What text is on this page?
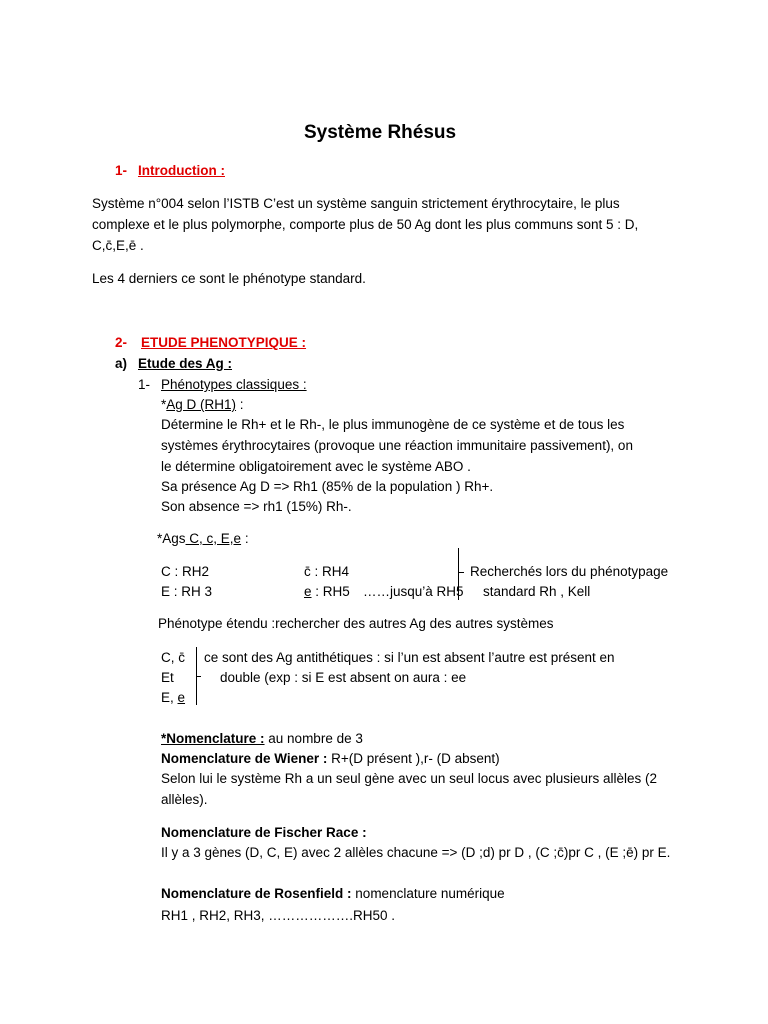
Système Rhésus
1- Introduction :
Système n°004 selon l’ISTB C’est un système sanguin strictement érythrocytaire, le plus
complexe et le plus polymorphe, comporte plus de 50 Ag dont les plus communs sont 5 : D,
C,c̄,E,ē .
Les 4 derniers ce sont le phénotype standard.
2- ETUDE PHENOTYPIQUE :
a) Etude des Ag :
1- Phénotypes classiques :
*Ag D (RH1) :
Détermine le Rh+ et le Rh-, le plus immunogène de ce système et de tous les
systèmes érythrocytaires (provoque une réaction immunitaire passivement), on
le détermine obligatoirement avec le système ABO .
Sa présence Ag D => Rh1 (85% de la population ) Rh+.
Son absence => rh1 (15%) Rh-.
*Ags C, c, E,e :
C : RH2	c̄ : RH4
E : RH 3	e : RH5 ……jusqu’à RH5
Recherchés lors du phénotypage
standard Rh , Kell
Phénotype étendu :rechercher des autres Ag des autres systèmes
C, c̄
Et
E, e
ce sont des Ag antithétiques : si l’un est absent l’autre est présent en
double (exp : si E est absent on aura : ee
*Nomenclature : au nombre de 3
Nomenclature de Wiener : R+(D présent ),r- (D absent)
Selon lui le système Rh a un seul gène avec un seul locus avec plusieurs allèles (2
allèles).
Nomenclature de Fischer Race :
Il y a 3 gènes (D, C, E) avec 2 allèles chacune => (D ;d) pr D , (C ;c̄)pr C , (E ;ē) pr E.
Nomenclature de Rosenfield : nomenclature numérique
RH1 , RH2, RH3, ……………….RH50 .
